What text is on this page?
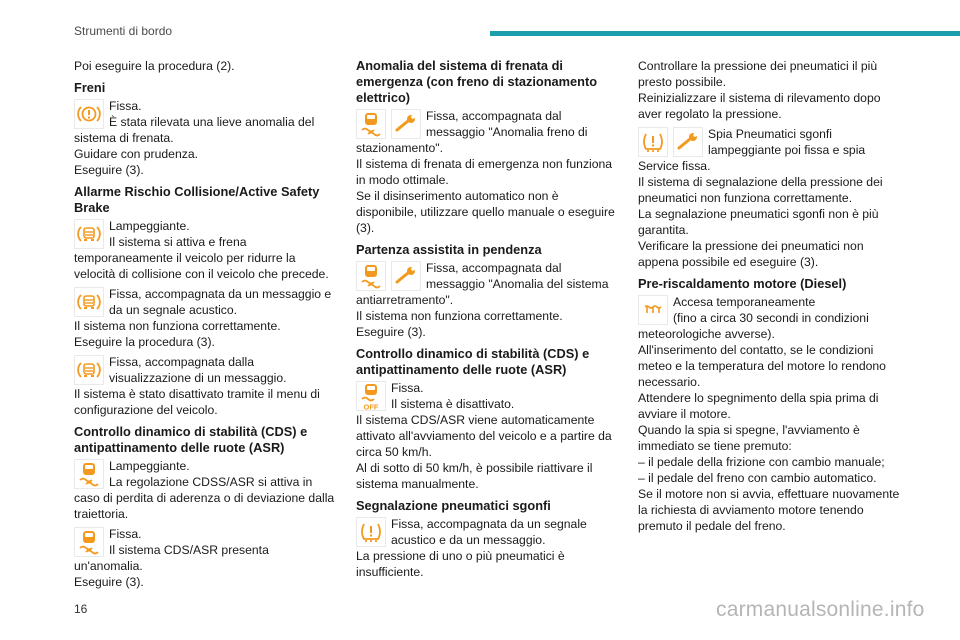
Strumenti di bordo
Poi eseguire la procedura (2).
Freni
Fissa.
È stata rilevata una lieve anomalia del
sistema di frenata.
Guidare con prudenza.
Eseguire (3).
Allarme Rischio Collisione/Active Safety Brake
Lampeggiante.
Il sistema si attiva e frena
temporaneamente il veicolo per ridurre la
velocità di collisione con il veicolo che precede.
Fissa, accompagnata da un messaggio e
da un segnale acustico.
Il sistema non funziona correttamente.
Eseguire la procedura (3).
Fissa, accompagnata dalla
visualizzazione di un messaggio.
Il sistema è stato disattivato tramite il menu di
configurazione del veicolo.
Controllo dinamico di stabilità (CDS) e antipattinamento delle ruote (ASR)
Lampeggiante.
La regolazione CDSS/ASR si attiva in
caso di perdita di aderenza o di deviazione dalla
traiettoria.
Fissa.
Il sistema CDS/ASR presenta
un'anomalia.
Eseguire (3).
Anomalia del sistema di frenata di emergenza (con freno di stazionamento elettrico)
Fissa, accompagnata dal
messaggio "Anomalia freno di
stazionamento".
Il sistema di frenata di emergenza non funziona
in modo ottimale.
Se il disinserimento automatico non è
disponibile, utilizzare quello manuale o eseguire
(3).
Partenza assistita in pendenza
Fissa, accompagnata dal
messaggio "Anomalia del sistema
antiarretramento".
Il sistema non funziona correttamente.
Eseguire (3).
Controllo dinamico di stabilità (CDS) e antipattinamento delle ruote (ASR)
OFF
Fissa.
Il sistema è disattivato.
Il sistema CDS/ASR viene automaticamente
attivato all'avviamento del veicolo e a partire da
circa 50 km/h.
Al di sotto di 50 km/h, è possibile riattivare il
sistema manualmente.
Segnalazione pneumatici sgonfi
Fissa, accompagnata da un segnale
acustico e da un messaggio.
La pressione di uno o più pneumatici è
insufficiente.
Controllare la pressione dei pneumatici il più
presto possibile.
Reinizializzare il sistema di rilevamento dopo
aver regolato la pressione.
Spia Pneumatici sgonfi
lampeggiante poi fissa e spia
Service fissa.
Il sistema di segnalazione della pressione dei
pneumatici non funziona correttamente.
La segnalazione pneumatici sgonfi non è più
garantita.
Verificare la pressione dei pneumatici non
appena possibile ed eseguire (3).
Pre-riscaldamento motore (Diesel)
Accesa temporaneamente
(fino a circa 30 secondi in condizioni
meteorologiche avverse).
All'inserimento del contatto, se le condizioni
meteo e la temperatura del motore lo rendono
necessario.
Attendere lo spegnimento della spia prima di
avviare il motore.
Quando la spia si spegne, l'avviamento è
immediato se tiene premuto:
– il pedale della frizione con cambio manuale;
– il pedale del freno con cambio automatico.
Se il motore non si avvia, effettuare nuovamente
la richiesta di avviamento motore tenendo
premuto il pedale del freno.
16	carmanualsonline.info
